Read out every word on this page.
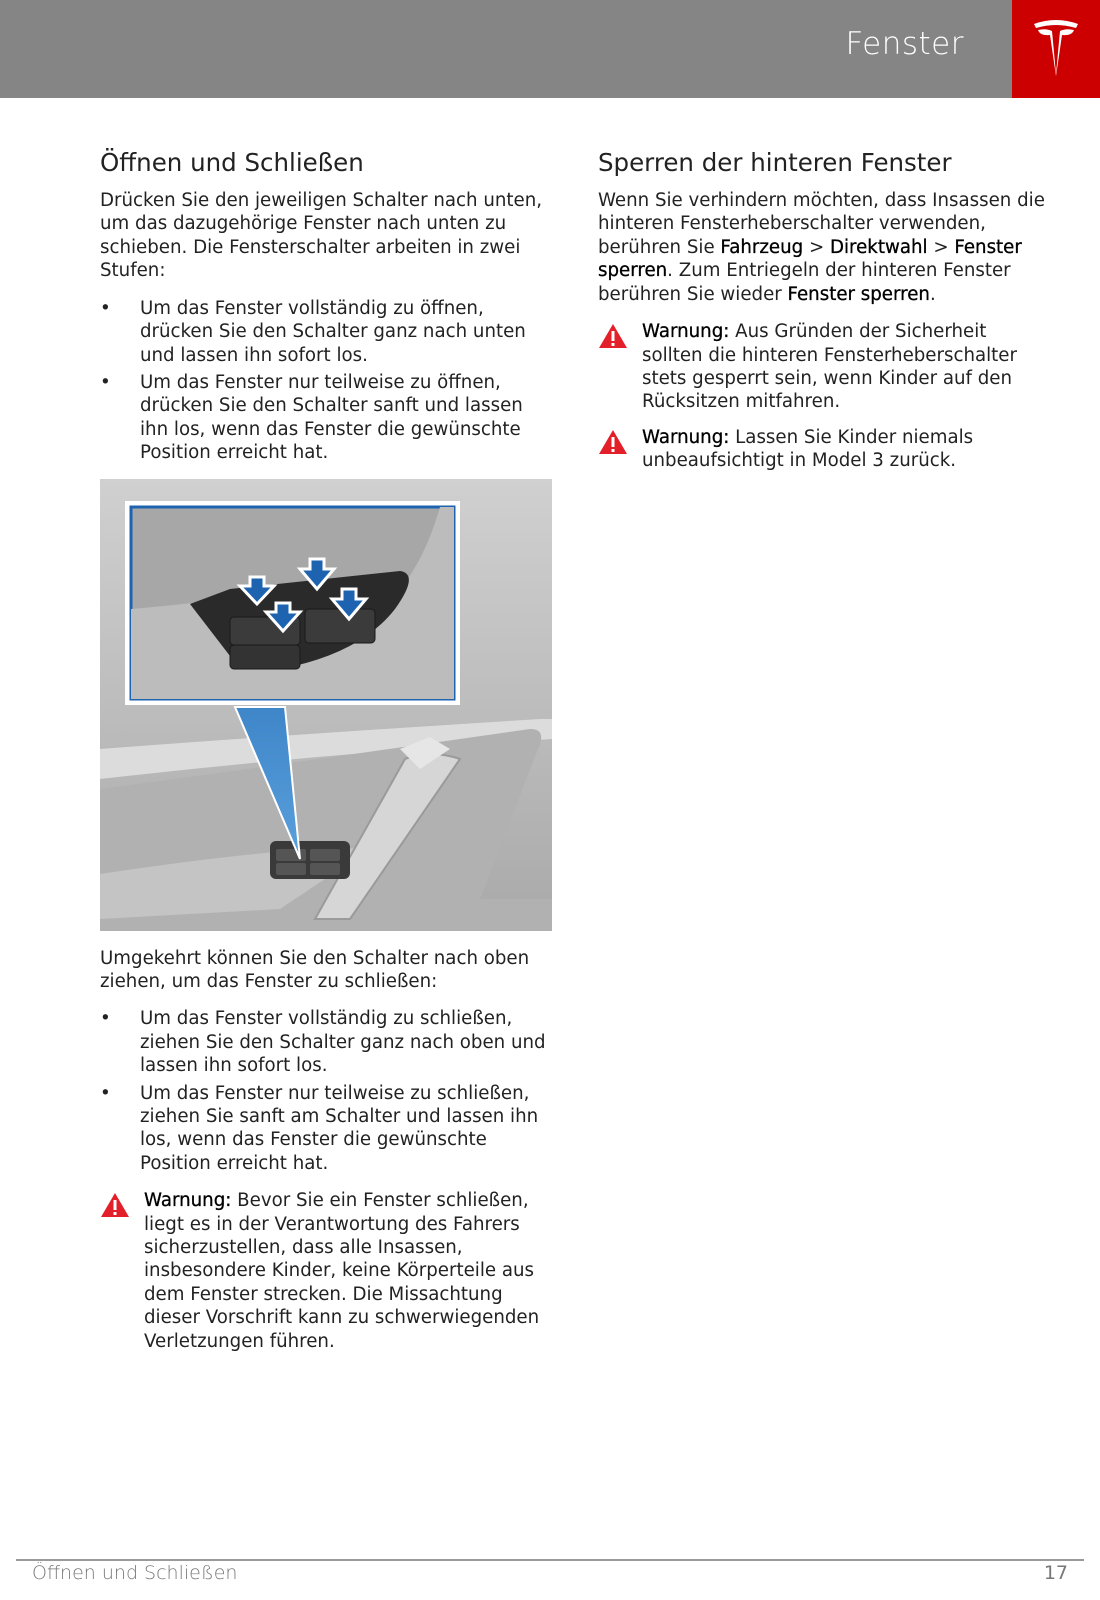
Fenster
Öffnen und Schließen

Drücken Sie den jeweiligen Schalter nach unten, um das dazugehörige Fenster nach unten zu schieben. Die Fensterschalter arbeiten in zwei Stufen:

• Um das Fenster vollständig zu öffnen, drücken Sie den Schalter ganz nach unten und lassen ihn sofort los.
• Um das Fenster nur teilweise zu öffnen, drücken Sie den Schalter sanft und lassen ihn los, wenn das Fenster die gewünschte Position erreicht hat.

Umgekehrt können Sie den Schalter nach oben ziehen, um das Fenster zu schließen:

• Um das Fenster vollständig zu schließen, ziehen Sie den Schalter ganz nach oben und lassen ihn sofort los.
• Um das Fenster nur teilweise zu schließen, ziehen Sie sanft am Schalter und lassen ihn los, wenn das Fenster die gewünschte Position erreicht hat.
Warnung: Bevor Sie ein Fenster schließen, liegt es in der Verantwortung des Fahrers sicherzustellen, dass alle Insassen, insbesondere Kinder, keine Körperteile aus dem Fenster strecken. Die Missachtung dieser Vorschrift kann zu schwerwiegenden Verletzungen führen.
Sperren der hinteren Fenster

Wenn Sie verhindern möchten, dass Insassen die hinteren Fensterheberschalter verwenden, berühren Sie Fahrzeug > Direktwahl > Fenster sperren. Zum Entriegeln der hinteren Fenster berühren Sie wieder Fenster sperren.

Warnung: Aus Gründen der Sicherheit sollten die hinteren Fensterheberschalter stets gesperrt sein, wenn Kinder auf den Rücksitzen mitfahren.
Warnung: Lassen Sie Kinder niemals unbeaufsichtigt in Model 3 zurück.
Öffnen und Schließen	17
